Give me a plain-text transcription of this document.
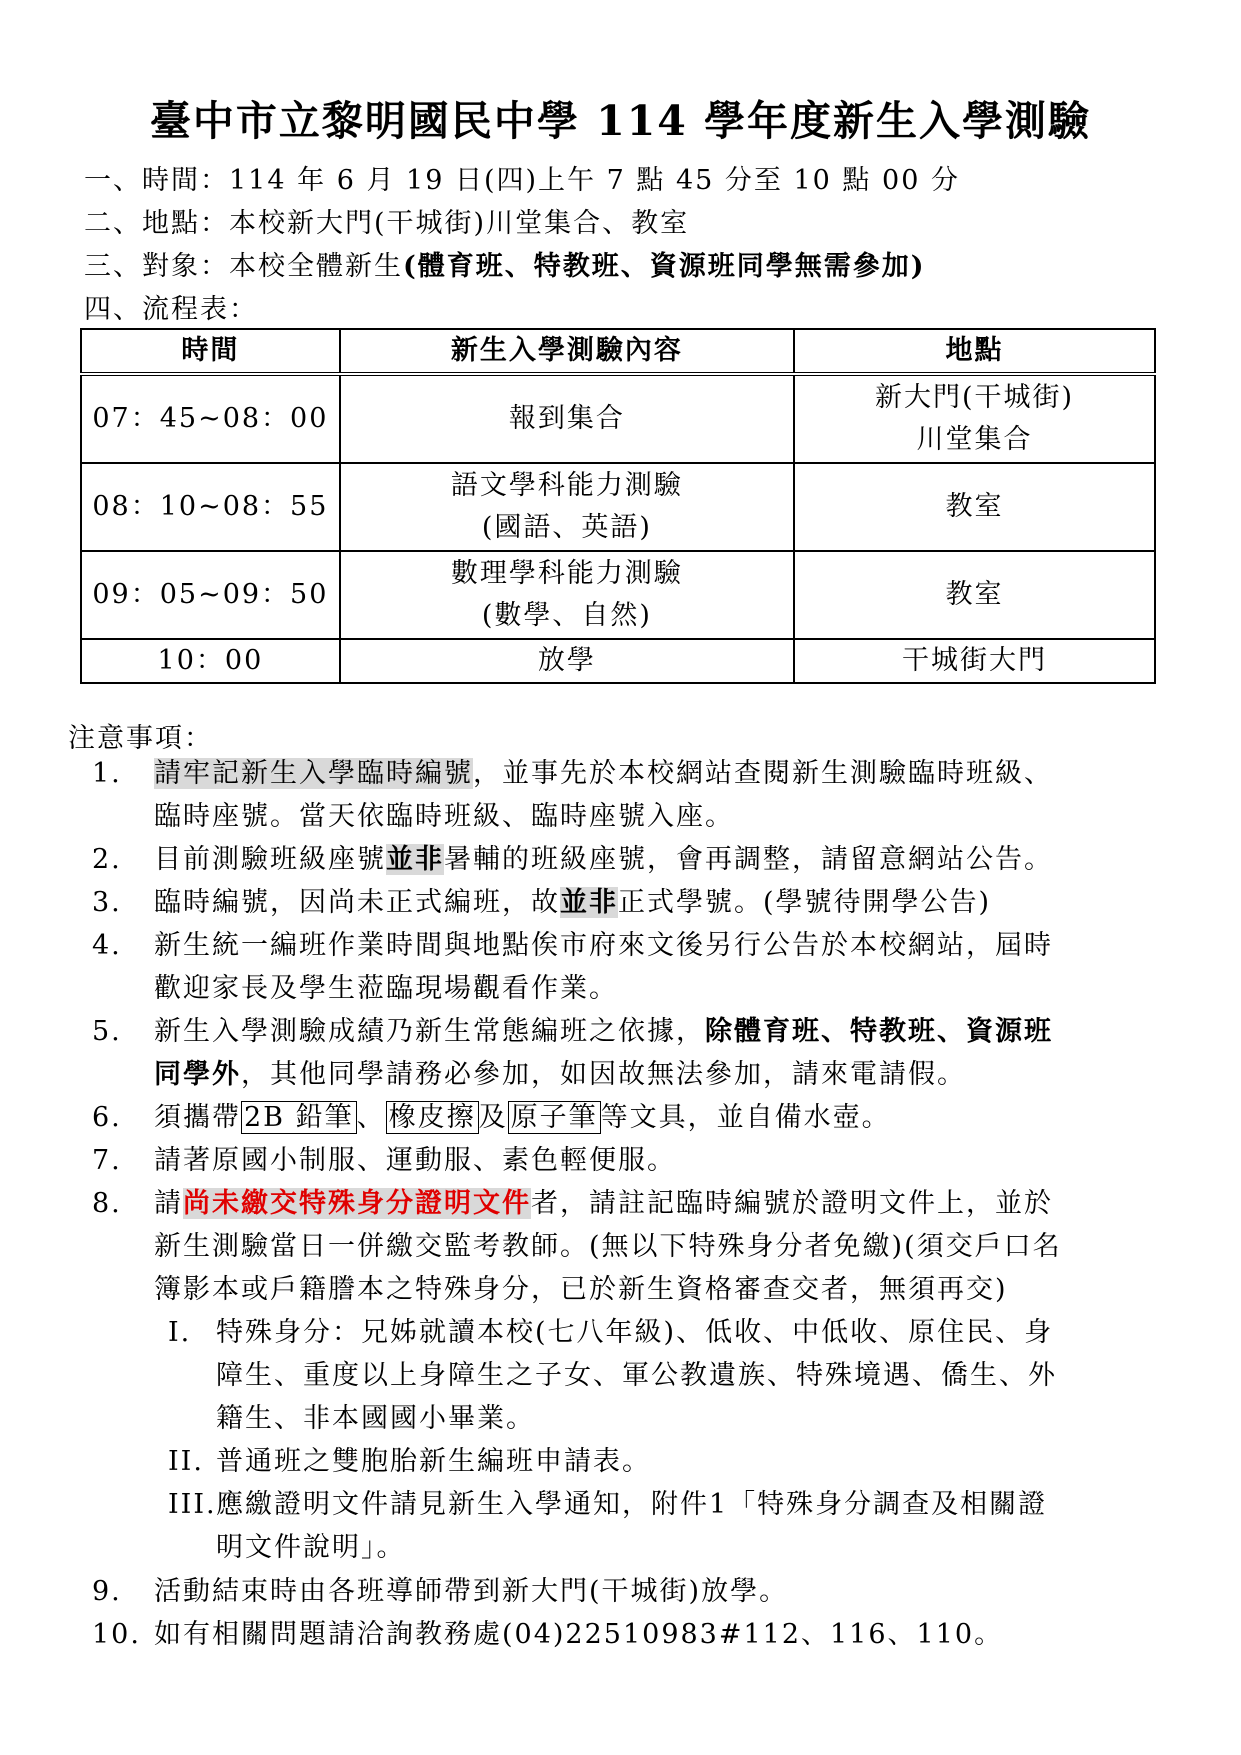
臺中市立黎明國民中學 114 學年度新生入學測驗
一、時間：114 年 6 月 19 日(四)上午 7 點 45 分至 10 點 00 分
二、地點：本校新大門(干城街)川堂集合、教室
三、對象：本校全體新生(體育班、特教班、資源班同學無需參加)
四、流程表：
時間	新生入學測驗內容	地點
07：45~08：00	報到集合	新大門(干城街)
川堂集合

08：10~08：55	語文學科能力測驗
(國語、英語)	教室

09：05~09：50	數理學科能力測驗
(數學、自然)	教室

10：00	放學	干城街大門
注意事項：
1.	請牢記新生入學臨時編號，並事先於本校網站查閱新生測驗臨時班級、
臨時座號。當天依臨時班級、臨時座號入座。
2.	目前測驗班級座號並非暑輔的班級座號，會再調整，請留意網站公告。
3.	臨時編號，因尚未正式編班，故並非正式學號。(學號待開學公告)
4.	新生統一編班作業時間與地點俟市府來文後另行公告於本校網站，屆時
歡迎家長及學生蒞臨現場觀看作業。
5.	新生入學測驗成績乃新生常態編班之依據，除體育班、特教班、資源班
同學外，其他同學請務必參加，如因故無法參加，請來電請假。
6.	須攜帶 2B 鉛筆 、 橡皮擦 及 原子筆 等文具，並自備水壺。
7.	請著原國小制服、運動服、素色輕便服。
8.	請尚未繳交特殊身分證明文件者，請註記臨時編號於證明文件上，並於
新生測驗當日一併繳交監考教師。(無以下特殊身分者免繳)(須交戶口名
簿影本或戶籍謄本之特殊身分，已於新生資格審查交者，無須再交)
I. 特殊身分：兄姊就讀本校(七八年級)、低收、中低收、原住民、身
障生、重度以上身障生之子女、軍公教遺族、特殊境遇、僑生、外
籍生、非本國國小畢業。
II. 普通班之雙胞胎新生編班申請表。
III. 應繳證明文件請見新生入學通知，附件1「特殊身分調查及相關證
明文件說明」。
9.	活動結束時由各班導師帶到新大門(干城街)放學。
10. 如有相關問題請洽詢教務處(04)22510983#112、116、110。
